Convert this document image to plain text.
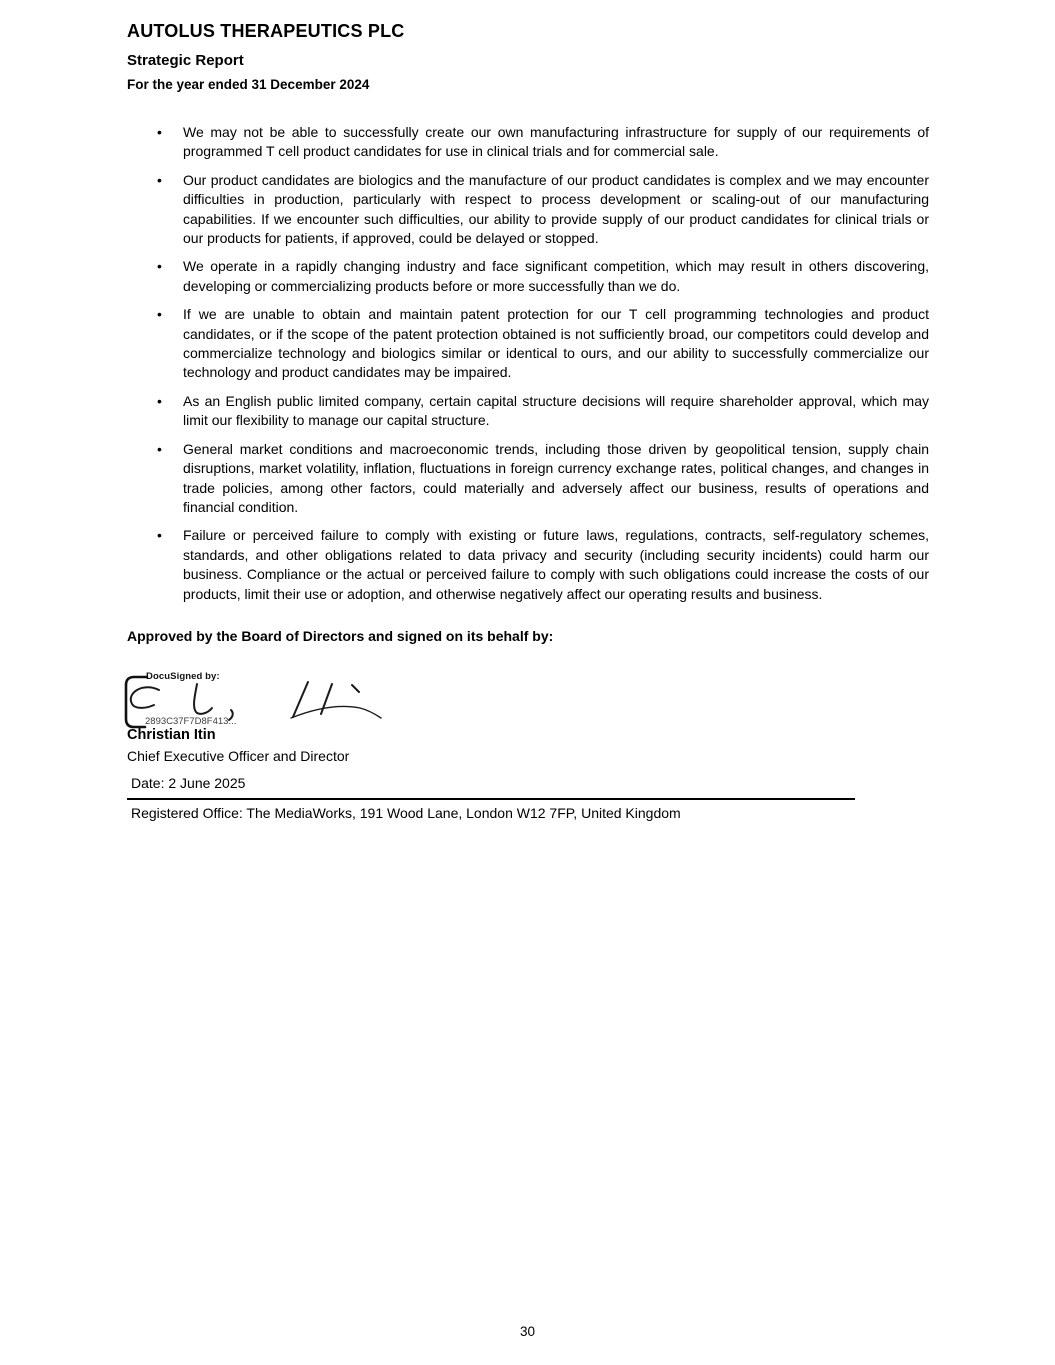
AUTOLUS THERAPEUTICS PLC
Strategic Report
For the year ended 31 December 2024
• We may not be able to successfully create our own manufacturing infrastructure for supply of our requirements of programmed T cell product candidates for use in clinical trials and for commercial sale.
• Our product candidates are biologics and the manufacture of our product candidates is complex and we may encounter difficulties in production, particularly with respect to process development or scaling-out of our manufacturing capabilities. If we encounter such difficulties, our ability to provide supply of our product candidates for clinical trials or our products for patients, if approved, could be delayed or stopped.
• We operate in a rapidly changing industry and face significant competition, which may result in others discovering, developing or commercializing products before or more successfully than we do.
• If we are unable to obtain and maintain patent protection for our T cell programming technologies and product candidates, or if the scope of the patent protection obtained is not sufficiently broad, our competitors could develop and commercialize technology and biologics similar or identical to ours, and our ability to successfully commercialize our technology and product candidates may be impaired.
• As an English public limited company, certain capital structure decisions will require shareholder approval, which may limit our flexibility to manage our capital structure.
• General market conditions and macroeconomic trends, including those driven by geopolitical tension, supply chain disruptions, market volatility, inflation, fluctuations in foreign currency exchange rates, political changes, and changes in trade policies, among other factors, could materially and adversely affect our business, results of operations and financial condition.
• Failure or perceived failure to comply with existing or future laws, regulations, contracts, self-regulatory schemes, standards, and other obligations related to data privacy and security (including security incidents) could harm our business. Compliance or the actual or perceived failure to comply with such obligations could increase the costs of our products, limit their use or adoption, and otherwise negatively affect our operating results and business.

Approved by the Board of Directors and signed on its behalf by:

DocuSigned by:
2893C37F7D8F413...
Christian Itin
Chief Executive Officer and Director
Date: 2 June 2025
Registered Office: The MediaWorks, 191 Wood Lane, London W12 7FP, United Kingdom
30
